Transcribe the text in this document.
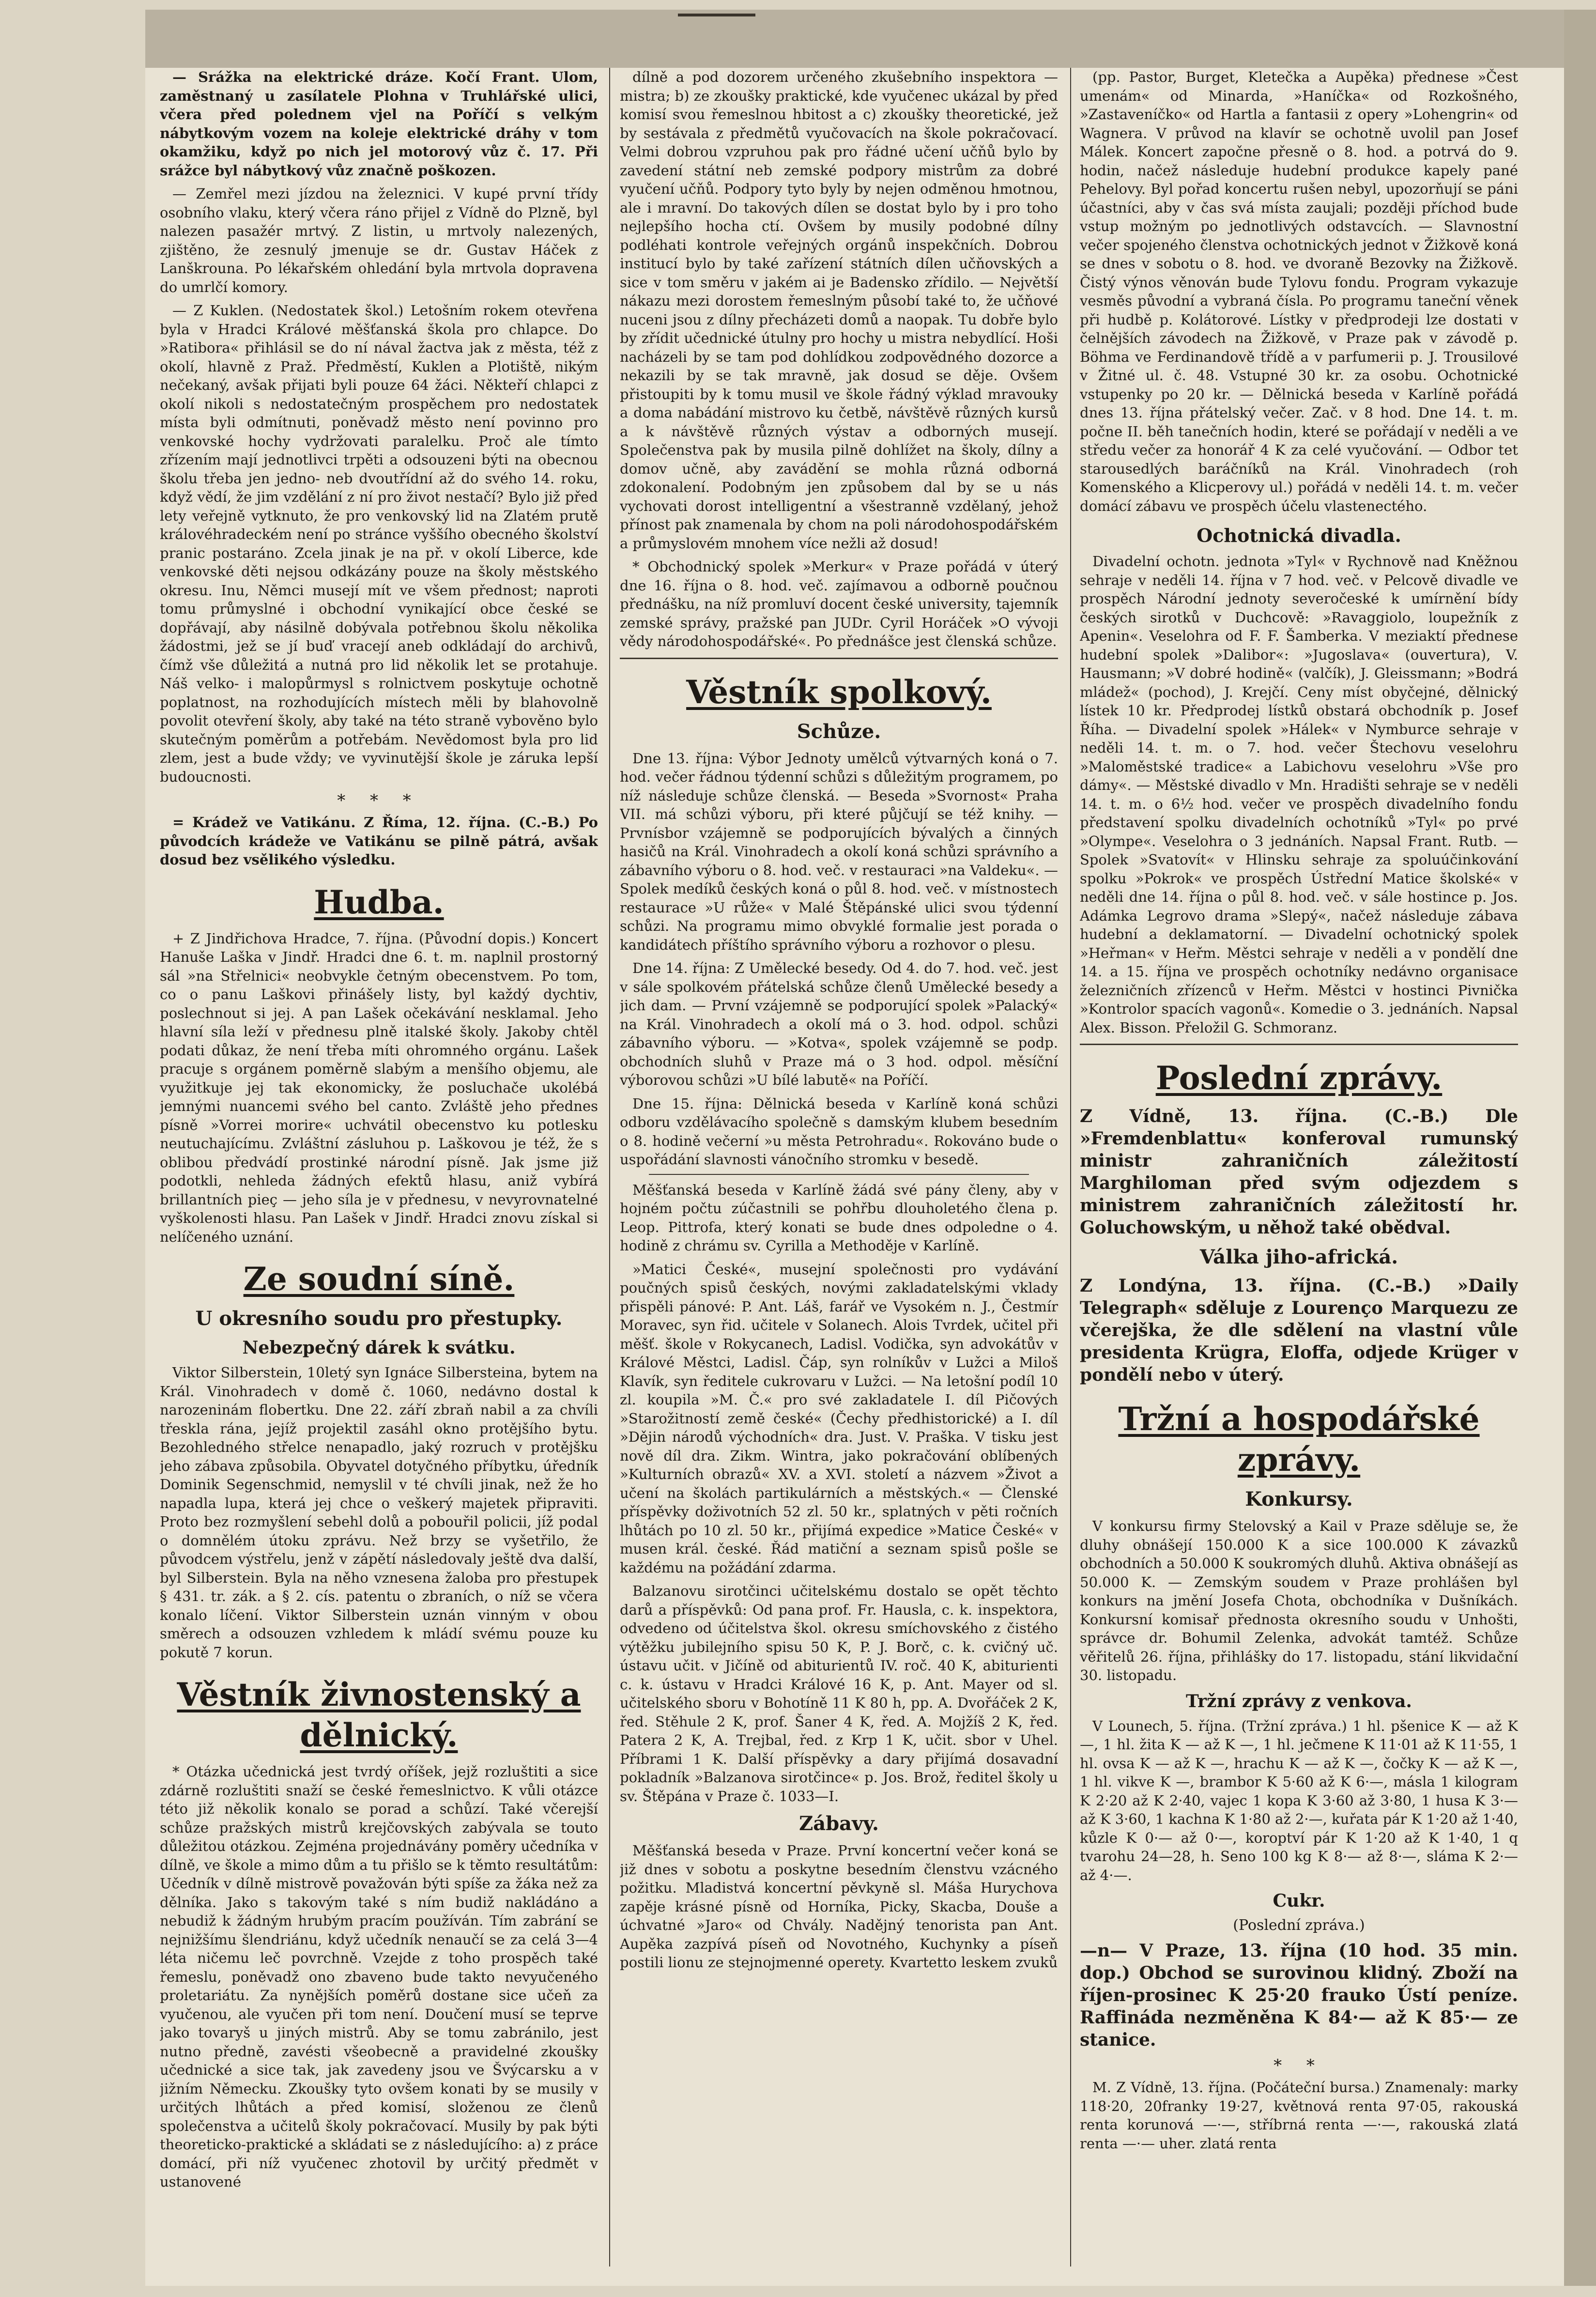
— Srážka na elektrické dráze. Kočí Frant. Ulom, zaměstnaný u zasílatele Plohna v Truhlářské ulici, včera před polednem vjel na Poříčí s velkým nábytkovým vozem na koleje elektrické dráhy v tom okamžiku, když po nich jel motorový vůz č. 17. Při srážce byl nábytkový vůz značně poškozen.

— Zemřel mezi jízdou na železnici. V kupé první třídy osobního vlaku, který včera ráno přijel z Vídně do Plzně, byl nalezen pasažér mrtvý. Z listin, u mrtvoly nalezených, zjištěno, že zesnulý jmenuje se dr. Gustav Háček z Lanškrouna. Po lékařském ohledání byla mrtvola dopravena do umrlčí komory.

— Z Kuklen. (Nedostatek škol.) Letošním rokem otevřena byla v Hradci Králové měšťanská škola pro chlapce. Do »Ratibora« přihlásil se do ní nával žactva jak z města, též z okolí, hlavně z Praž. Předměstí, Kuklen a Plotiště, nikým nečekaný, avšak přijati byli pouze 64 žáci. Někteří chlapci z okolí nikoli s nedostatečným prospěchem pro nedostatek místa byli odmítnuti, poněvadž město není povinno pro venkovské hochy vydržovati paralelku. Proč ale tímto zřízením mají jednotlivci trpěti a odsouzeni býti na obecnou školu třeba jen jedno- neb dvoutřídní až do svého 14. roku, když vědí, že jim vzdělání z ní pro život nestačí? Bylo již před lety veřejně vytknuto, že pro venkovský lid na Zlatém prutě královéhradeckém není po stránce vyššího obecného školství pranic postaráno. Zcela jinak je na př. v okolí Liberce, kde venkovské děti nejsou odkázány pouze na školy městského okresu. Inu, Němci musejí mít ve všem přednost; naproti tomu průmyslné i obchodní vynikající obce české se dopřávají, aby násilně dobývala potřebnou školu několika žádostmi, jež se jí buď vracejí aneb odkládají do archivů, čímž vše důležitá a nutná pro lid několik let se protahuje. Náš velko- i malopůrmysl s rolnictvem poskytuje ochotně poplatnost, na rozhodujících místech měli by blahovolně povolit otevření školy, aby také na této straně vybověno bylo skutečným poměrům a potřebám. Nevědomost byla pro lid zlem, jest a bude vždy; ve vyvinutější škole je záruka lepší budoucnosti.

* * *

= Krádež ve Vatikánu. Z Říma, 12. října. (C.-B.) Po původcích krádeže ve Vatikánu se pilně pátrá, avšak dosud bez vsělikého výsledku.

Hudba.

+ Z Jindřichova Hradce, 7. října. (Původní dopis.) Koncert Hanuše Laška v Jindř. Hradci dne 6. t. m. naplnil prostorný sál »na Střelnici« neobvykle četným obecenstvem. Po tom, co o panu Laškovi přinášely listy, byl každý dychtiv, poslechnout si jej. A pan Lašek očekávání nesklamal. Jeho hlavní síla leží v přednesu plně italské školy. Jakoby chtěl podati důkaz, že není třeba míti ohromného orgánu. Lašek pracuje s orgánem poměrně slabým a menšího objemu, ale využitkuje jej tak ekonomicky, že posluchače ukolébá jemnými nuancemi svého bel canto. Zvláště jeho přednes písně »Vorrei morire« uchvátil obecenstvo ku potlesku neutuchajícímu. Zvláštní zásluhou p. Laškovou je též, že s oblibou předvádí prostinké národní písně. Jak jsme již podotkli, nehleda žádných efektů hlasu, aniž vybírá brillantních pieç — jeho síla je v přednesu, v nevyrovnatelné vyškolenosti hlasu. Pan Lašek v Jindř. Hradci znovu získal si nelíčeného uznání.

Ze soudní síně.
U okresního soudu pro přestupky.
Nebezpečný dárek k svátku.

Viktor Silberstein, 10letý syn Ignáce Silbersteina, bytem na Král. Vinohradech v domě č. 1060, nedávno dostal k narozeninám flobertku. Dne 22. září zbraň nabil a za chvíli třeskla rána, jejíž projektil zasáhl okno protějšího bytu. Bezohledného střelce nenapadlo, jaký rozruch v protějšku jeho zábava způsobila. Obyvatel dotyčného příbytku, úředník Dominik Segenschmid, nemyslil v té chvíli jinak, než že ho napadla lupa, která jej chce o veškerý majetek připraviti. Proto bez rozmyšlení sebehl dolů a pobouřil policii, jíž podal o domnělém útoku zprávu. Než brzy se vyšetřilo, že původcem výstřelu, jenž v zápětí následovaly ještě dva další, byl Silberstein. Byla na něho vznesena žaloba pro přestupek § 431. tr. zák. a § 2. cís. patentu o zbraních, o níž se včera konalo líčení. Viktor Silberstein uznán vinným v obou směrech a odsouzen vzhledem k mládí svému pouze ku pokutě 7 korun.

Věstník živnostenský a dělnický.

* Otázka učednická jest tvrdý oříšek, jejž rozluštiti a sice zdárně rozluštiti snaží se české řemeslnictvo. K vůli otázce této již několik konalo se porad a schůzí. Také včerejší schůze pražských mistrů krejčovských zabývala se touto důležitou otázkou. Zejména projednávány poměry učedníka v dílně, ve škole a mimo dům a tu přišlo se k těmto resultátům: Učedník v dílně mistrově považován býti spíše za žáka než za dělníka. Jako s takovým také s ním budiž nakládáno a nebudiž k žádným hrubým pracím používán. Tím zabrání se nejnižšímu šlendriánu, když učedník nenaučí se za celá 3—4 léta ničemu leč povrchně. Vzejde z toho prospěch také řemeslu, poněvadž ono zbaveno bude takto nevyučeného proletariátu. Za nynějších poměrů dostane sice učeň za vyučenou, ale vyučen při tom není. Doučení musí se teprve jako tovaryš u jiných mistrů. Aby se tomu zabránilo, jest nutno předně, zavésti všeobecně a pravidelné zkoušky učednické a sice tak, jak zavedeny jsou ve Švýcarsku a v jižním Německu. Zkoušky tyto ovšem konati by se musily v určitých lhůtách a před komisí, složenou ze členů společenstva a učitelů školy pokračovací. Musily by pak býti theoreticko-praktické a skládati se z následujícího: a) z práce domácí, při níž vyučenec zhotovil by určitý předmět v ustanovené

dílně a pod dozorem určeného zkušebního inspektora — mistra; b) ze zkoušky praktické, kde vyučenec ukázal by před komisí svou řemeslnou hbitost a c) zkoušky theoretické, jež by sestávala z předmětů vyučovacích na škole pokračovací. Velmi dobrou vzpruhou pak pro řádné učení učňů bylo by zavedení státní neb zemské podpory mistrům za dobré vyučení učňů. Podpory tyto byly by nejen odměnou hmotnou, ale i mravní. Do takových dílen se dostat bylo by i pro toho nejlepšího hocha ctí. Ovšem by musily podobné dílny podléhati kontrole veřejných orgánů inspekčních. Dobrou institucí bylo by také zařízení státních dílen učňovských a sice v tom směru v jakém ai je Badensko zřídilo. — Největší nákazu mezi dorostem řemeslným působí také to, že učňové nuceni jsou z dílny přecházeti domů a naopak. Tu dobře bylo by zřídit učednické útulny pro hochy u mistra nebydlící. Hoši nacházeli by se tam pod dohlídkou zodpovědného dozorce a nekazili by se tak mravně, jak dosud se děje. Ovšem přistoupiti by k tomu musil ve škole řádný výklad mravouky a doma nabádání mistrovo ku četbě, návštěvě různých kursů a k návštěvě různých výstav a odborných musejí. Společenstva pak by musila pilně dohlížet na školy, dílny a domov učně, aby zavádění se mohla různá odborná zdokonalení. Podobným jen způsobem dal by se u nás vychovati dorost intelligentní a všestranně vzdělaný, jehož přínost pak znamenala by chom na poli národohospodářském a průmyslovém mnohem více nežli až dosud!

* Obchodnický spolek »Merkur« v Praze pořádá v úterý dne 16. října o 8. hod. več. zajímavou a odborně poučnou přednášku, na níž promluví docent české university, tajemník zemské správy, pražské pan JUDr. Cyril Horáček »O vývoji vědy národohospodářské«. Po přednášce jest členská schůze.

Věstník spolkový.
Schůze.

Dne 13. října: Výbor Jednoty umělců výtvarných koná o 7. hod. večer řádnou týdenní schůzi s důležitým programem, po níž následuje schůze členská. — Beseda »Svornost« Praha VII. má schůzi výboru, při které půjčují se též knihy. — Prvnísbor vzájemně se podporujících bývalých a činných hasičů na Král. Vinohradech a okolí koná schůzi správního a zábavního výboru o 8. hod. več. v restauraci »na Valdeku«. — Spolek medíků českých koná o půl 8. hod. več. v místnostech restaurace »U růže« v Malé Štěpánské ulici svou týdenní schůzi. Na programu mimo obvyklé formalie jest porada o kandidátech příštího správního výboru a rozhovor o plesu.

Dne 14. října: Z Umělecké besedy. Od 4. do 7. hod. več. jest v sále spolkovém přátelská schůze členů Umělecké besedy a jich dam. — První vzájemně se podporující spolek »Palacký« na Král. Vinohradech a okolí má o 3. hod. odpol. schůzi zábavního výboru. — »Kotva«, spolek vzájemně se podp. obchodních sluhů v Praze má o 3 hod. odpol. měsíční výborovou schůzi »U bílé labutě« na Poříčí.

Dne 15. října: Dělnická beseda v Karlíně koná schůzi odboru vzdělávacího společně s damským klubem besedním o 8. hodině večerní »u města Petrohradu«. Rokováno bude o uspořádání slavnosti vánočního stromku v besedě.

Měšťanská beseda v Karlíně žádá své pány členy, aby v hojném počtu zúčastnili se pohřbu dlouholetého člena p. Leop. Pittrofa, který konati se bude dnes odpoledne o 4. hodině z chrámu sv. Cyrilla a Methoděje v Karlíně.

»Matici České«, musejní společnosti pro vydávání poučných spisů českých, novými zakladatelskými vklady přispěli pánové: P. Ant. Láš, farář ve Vysokém n. J., Čestmír Moravec, syn řid. učitele v Solanech. Alois Tvrdek, učitel při měšť. škole v Rokycanech, Ladisl. Vodička, syn advokátův v Králové Městci, Ladisl. Čáp, syn rolníkův v Lužci a Miloš Klavík, syn ředitele cukrovaru v Lužci. — Na letošní podíl 10 zl. koupila »M. Č.« pro své zakladatele I. díl Pičových »Starožitností země české« (Čechy předhistorické) a I. díl »Dějin národů východních« dra. Just. V. Praška. V tisku jest nově díl dra. Zikm. Wintra, jako pokračování oblíbených »Kulturních obrazů« XV. a XVI. století a názvem »Život a učení na školách partikulárních a městských.« — Členské příspěvky doživotních 52 zl. 50 kr., splatných v pěti ročních lhůtách po 10 zl. 50 kr., přijímá expedice »Matice České« v musen král. české. Řád matiční a seznam spisů pošle se každému na požádání zdarma.

Balzanovu sirotčinci učitelskému dostalo se opět těchto darů a příspěvků: Od pana prof. Fr. Hausla, c. k. inspektora, odvedeno od účitelstva škol. okresu smíchovského z čistého výtěžku jubilejního spisu 50 K, P. J. Borč, c. k. cvičný uč. ústavu učit. v Jičíně od abiturientů IV. roč. 40 K, abiturienti c. k. ústavu v Hradci Králové 16 K, p. Ant. Mayer od sl. učitelského sboru v Bohotíně 11 K 80 h, pp. A. Dvořáček 2 K, řed. Stěhule 2 K, prof. Šaner 4 K, řed. A. Mojžíš 2 K, řed. Patera 2 K, A. Trejbal, řed. z Krp 1 K, učit. sbor v Uhel. Příbrami 1 K. Další příspěvky a dary přijímá dosavadní pokladník »Balzanova sirotčince« p. Jos. Brož, ředitel školy u sv. Štěpána v Praze č. 1033—I.

Zábavy.

Měšťanská beseda v Praze. První koncertní večer koná se již dnes v sobotu a poskytne besedním členstvu vzácného požitku. Mladistvá koncertní pěvkyně sl. Máša Hurychova zapěje krásné písně od Horníka, Picky, Skacba, Douše a úchvatné »Jaro« od Chvály. Nadějný tenorista pan Ant. Aupěka zazpívá píseň od Novotného, Kuchynky a píseň postili lionu ze stejnojmenné operety. Kvartetto leskem zvuků

(pp. Pastor, Burget, Kletečka a Aupěka) přednese »Čest umenám« od Minarda, »Haníčka« od Rozkošného, »Zastaveníčko« od Hartla a fantasii z opery »Lohengrin« od Wagnera. V průvod na klavír se ochotně uvolil pan Josef Málek. Koncert započne přesně o 8. hod. a potrvá do 9. hodin, načež následuje hudební produkce kapely pané Pehelovy. Byl pořad koncertu rušen nebyl, upozorňují se páni účastníci, aby v čas svá místa zaujali; později příchod bude vstup možným po jednotlivých odstavcích. — Slavnostní večer spojeného členstva ochotnických jednot v Žižkově koná se dnes v sobotu o 8. hod. ve dvoraně Bezovky na Žižkově. Čistý výnos věnován bude Tylovu fondu. Program vykazuje vesměs původní a vybraná čísla. Po programu taneční věnek při hudbě p. Kolátorové. Lístky v předprodeji lze dostati v čelnějších závodech na Žižkově, v Praze pak v závodě p. Böhma ve Ferdinandově třídě a v parfumerii p. J. Trousilové v Žitné ul. č. 48. Vstupné 30 kr. za osobu. Ochotnické vstupenky po 20 kr. — Dělnická beseda v Karlíně pořádá dnes 13. října přátelský večer. Zač. v 8 hod. Dne 14. t. m. počne II. běh tanečních hodin, které se pořádají v neděli a ve středu večer za honorář 4 K za celé vyučování. — Odbor tet starousedlých baráčníků na Král. Vinohradech (roh Komenského a Klicperovy ul.) pořádá v neděli 14. t. m. večer domácí zábavu ve prospěch účelu vlastenectého.

Ochotnická divadla.

Divadelní ochotn. jednota »Tyl« v Rychnově nad Kněžnou sehraje v neděli 14. října v 7 hod. več. v Pelcově divadle ve prospěch Národní jednoty severočeské k umírnění bídy českých sirotků v Duchcově: »Ravaggiolo, loupežník z Apenin«. Veselohra od F. F. Šamberka. V meziaktí přednese hudební spolek »Dalibor«: »Jugoslava« (ouvertura), V. Hausmann; »V dobré hodině« (valčík), J. Gleissmann; »Bodrá mládež« (pochod), J. Krejčí. Ceny míst obyčejné, dělnický lístek 10 kr. Předprodej lístků obstará obchodník p. Josef Říha. — Divadelní spolek »Hálek« v Nymburce sehraje v neděli 14. t. m. o 7. hod. večer Štechovu veselohru »Maloměstské tradice« a Labichovu veselohru »Vše pro dámy«. — Městské divadlo v Mn. Hradišti sehraje se v neděli 14. t. m. o 6½ hod. večer ve prospěch divadelního fondu představení spolku divadelních ochotníků »Tyl« po prvé »Olympe«. Veselohra o 3 jednáních. Napsal Frant. Rutb. — Spolek »Svatovít« v Hlinsku sehraje za spoluúčinkování spolku »Pokrok« ve prospěch Ústřední Matice školské« v neděli dne 14. října o půl 8. hod. več. v sále hostince p. Jos. Adámka Legrovo drama »Slepý«, načež následuje zábava hudební a deklamatorní. — Divadelní ochotnický spolek »Heřman« v Heřm. Městci sehraje v neděli a v pondělí dne 14. a 15. října ve prospěch ochotníky nedávno organisace železničních zřízenců v Heřm. Městci v hostinci Pivnička »Kontrolor spacích vagonů«. Komedie o 3. jednáních. Napsal Alex. Bisson. Přeložil G. Schmoranz.

Poslední zprávy.

Z Vídně, 13. října. (C.-B.) Dle »Fremdenblattu« konferoval rumunský ministr zahraničních záležitostí Marghiloman před svým odjezdem s ministrem zahraničních záležitostí hr. Goluchowským, u něhož také obědval.

Válka jiho-africká.

Z Londýna, 13. října. (C.-B.) »Daily Telegraph« sděluje z Lourenço Marquezu ze včerejška, že dle sdělení na vlastní vůle presidenta Krügra, Eloffa, odjede Krüger v pondělí nebo v úterý.

Tržní a hospodářské zprávy.
Konkursy.

V konkursu firmy Stelovský a Kail v Praze sděluje se, že dluhy obnášejí 150.000 K a sice 100.000 K závazků obchodních a 50.000 K soukromých dluhů. Aktiva obnášejí as 50.000 K. — Zemským soudem v Praze prohlášen byl konkurs na jmění Josefa Chota, obchodníka v Dušníkách. Konkursní komisař přednosta okresního soudu v Unhošti, správce dr. Bohumil Zelenka, advokát tamtéž. Schůze věřitelů 26. října, přihlášky do 17. listopadu, stání likvidační 30. listopadu.

Tržní zprávy z venkova.

V Lounech, 5. října. (Tržní zpráva.) 1 hl. pšenice K — až K —, 1 hl. žita K — až K —, 1 hl. ječmene K 11·01 až K 11·55, 1 hl. ovsa K — až K —, hrachu K — až K —, čočky K — až K —, 1 hl. vikve K —, brambor K 5·60 až K 6·—, másla 1 kilogram K 2·20 až K 2·40, vajec 1 kopa K 3·60 až 3·80, 1 husa K 3·— až K 3·60, 1 kachna K 1·80 až 2·—, kuřata pár K 1·20 až 1·40, kůzle K 0·— až 0·—, koroptví pár K 1·20 až K 1·40, 1 q tvarohu 24—28, h. Seno 100 kg K 8·— až 8·—, sláma K 2·— až 4·—.

Cukr.
(Poslední zpráva.)

—n— V Praze, 13. října (10 hod. 35 min. dop.) Obchod se surovinou klidný. Zboží na říjen-prosinec K 25·20 frauko Ústí peníze. Raffináda nezměněna K 84·— až K 85·— ze stanice.

* *

M. Z Vídně, 13. října. (Počáteční bursa.) Znamenaly: marky 118·20, 20franky 19·27, květnová renta 97·05, rakouská renta korunová —·—, stříbrná renta —·—, rakouská zlatá renta —·— uher. zlatá renta
